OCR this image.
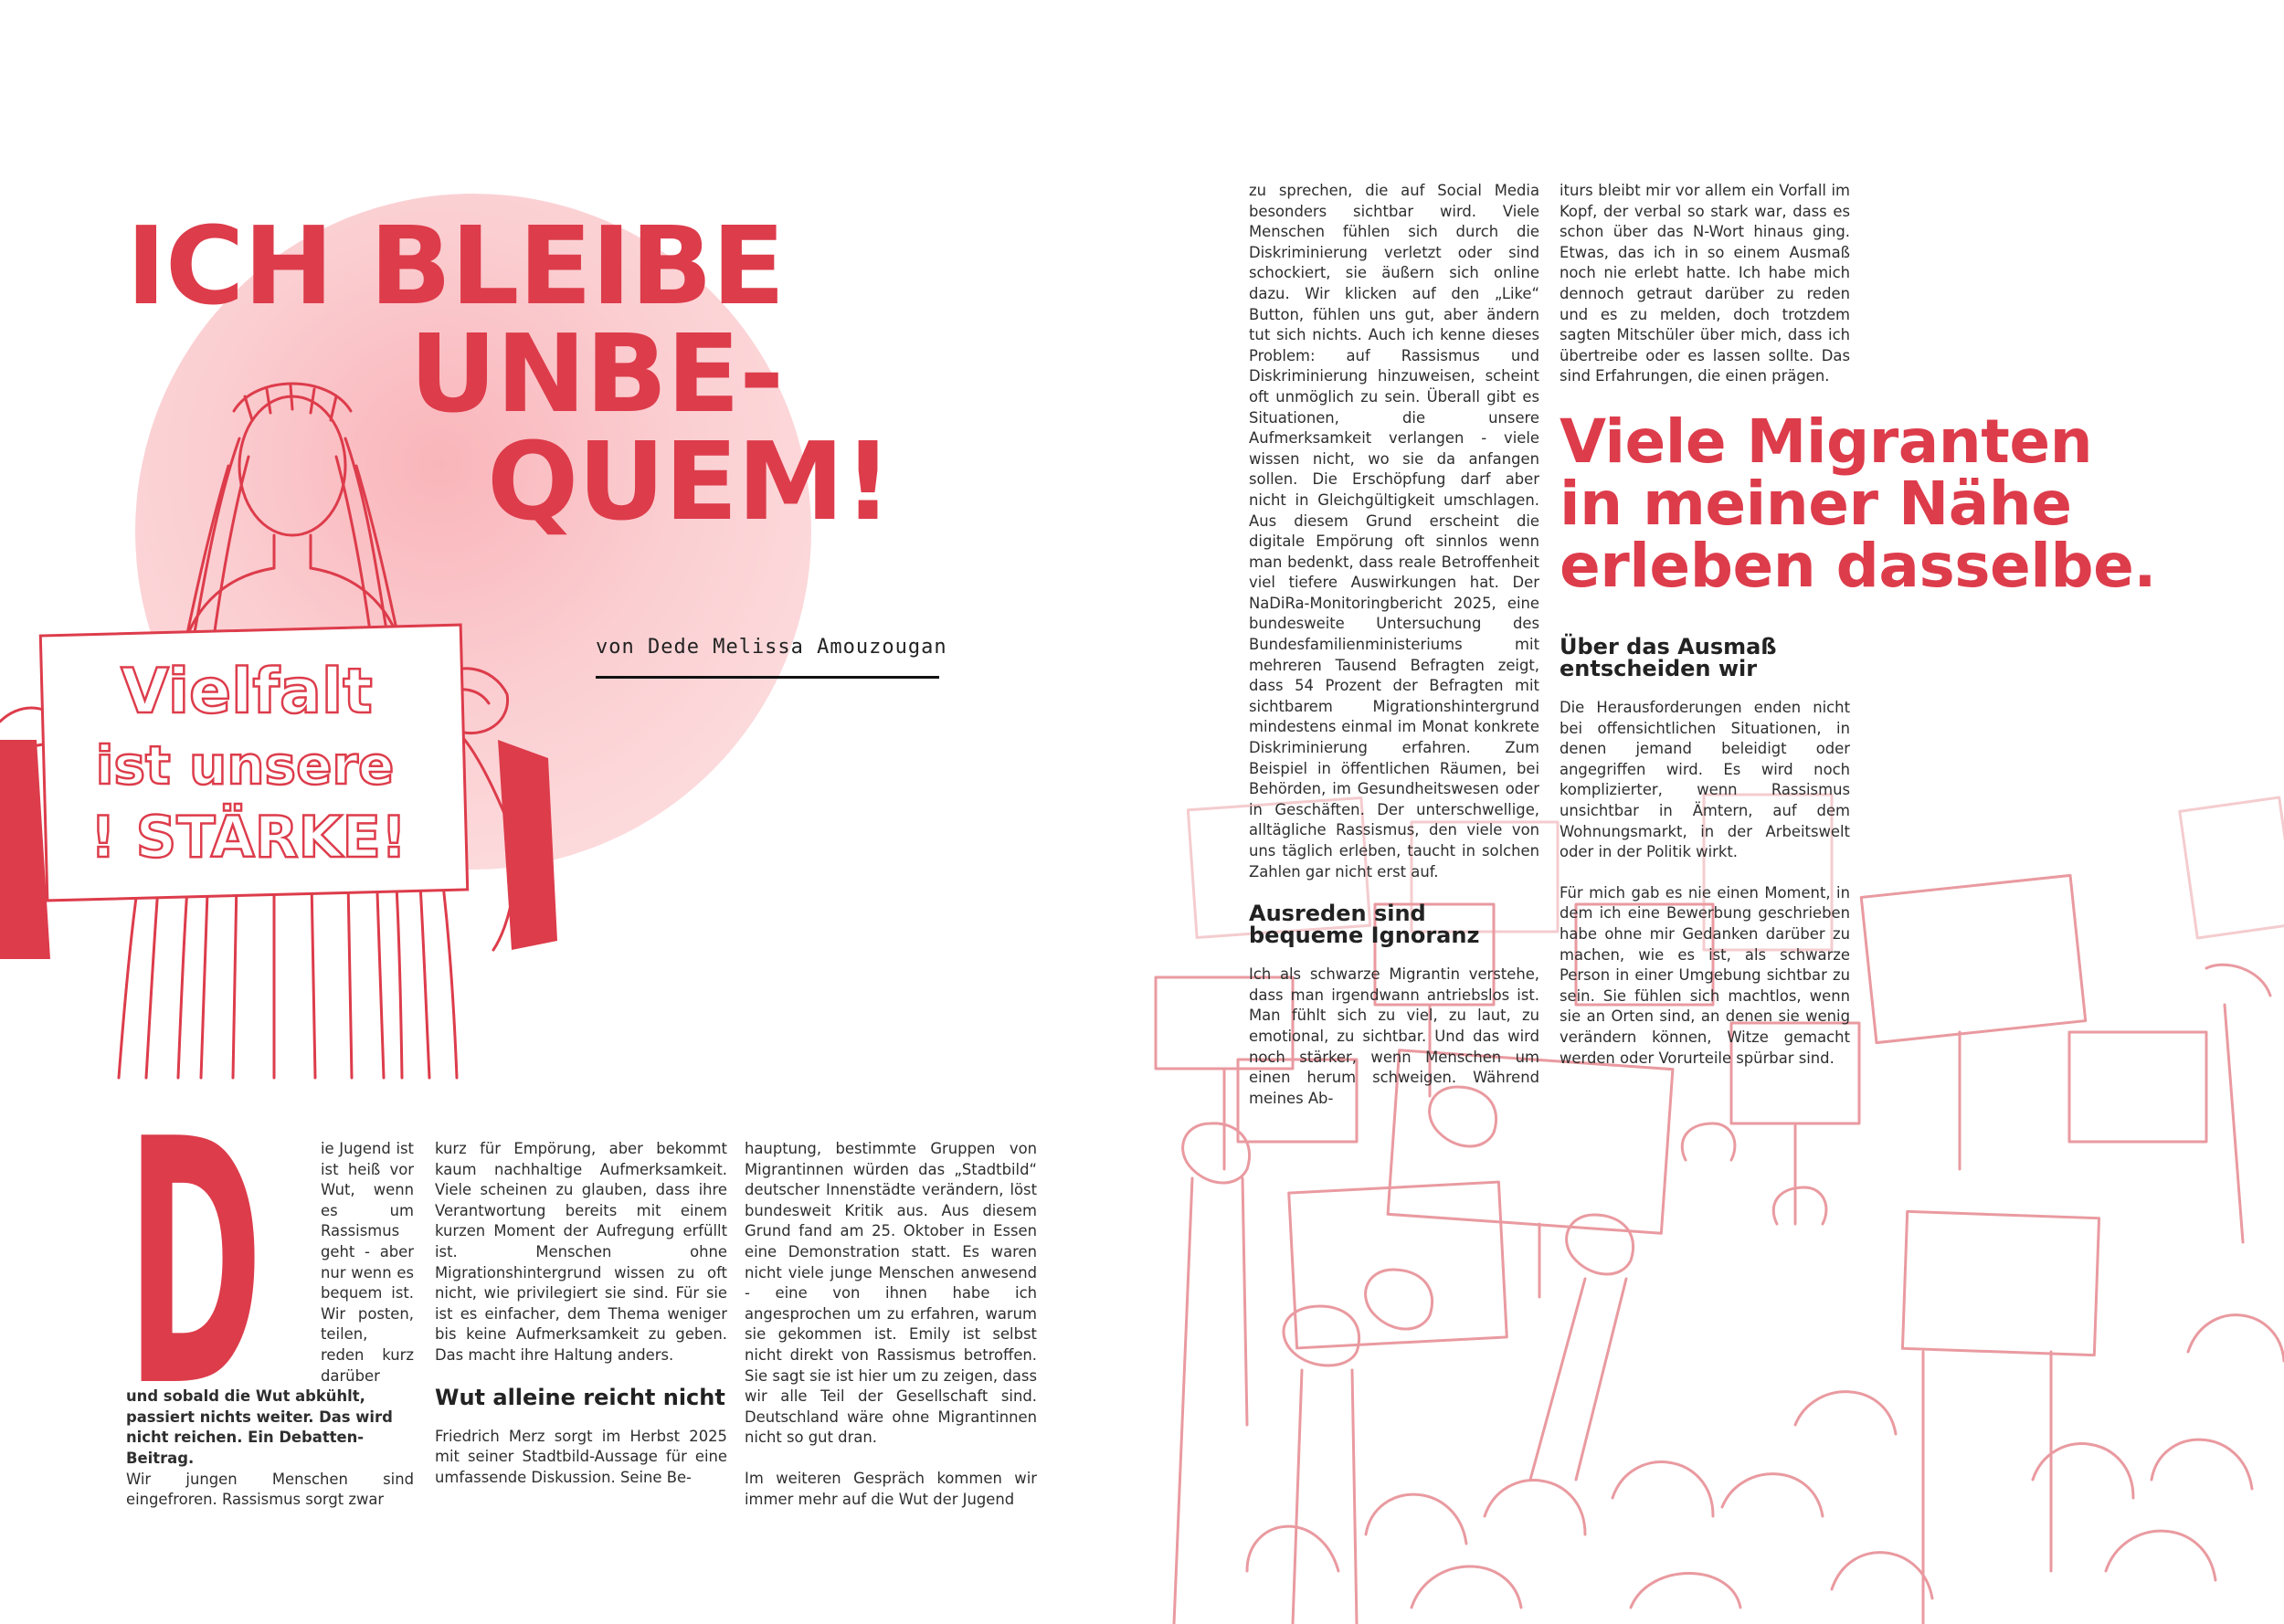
Vielfalt
ist unsere
! STÄRKE!
ICH BLEIBE
UNBE-
QUEM!
von Dede Melissa Amouzougan
D	ie Jugend ist ist heiß vor Wut, wenn es um Rassismus geht - aber nur wenn es bequem ist. Wir posten, teilen, reden kurz darüber

und sobald die Wut abkühlt, passiert nichts weiter. Das wird nicht reichen. Ein Debatten-Beitrag.

Wir jungen Menschen sind eingefroren. Rassismus sorgt zwar

kurz für Empörung, aber bekommt kaum nachhaltige Aufmerksamkeit. Viele scheinen zu glauben, dass ihre Verantwortung bereits mit einem kurzen Moment der Aufregung erfüllt ist. Menschen ohne Migrationshintergrund wissen zu oft nicht, wie privilegiert sie sind. Für sie ist es einfacher, dem Thema weniger bis keine Aufmerksamkeit zu geben. Das macht ihre Haltung anders.

Wut alleine reicht nicht

Friedrich Merz sorgt im Herbst 2025 mit seiner Stadtbild-Aussage für eine umfassende Diskussion. Seine Be-

hauptung, bestimmte Gruppen von Migrantinnen würden das „Stadtbild“ deutscher Innenstädte verändern, löst bundesweit Kritik aus. Aus diesem Grund fand am 25. Oktober in Essen eine Demonstration statt. Es waren nicht viele junge Menschen anwesend - eine von ihnen habe ich angesprochen um zu erfahren, warum sie gekommen ist. Emily ist selbst nicht direkt von Rassismus betroffen. Sie sagt sie ist hier um zu zeigen, dass wir alle Teil der Gesellschaft sind. Deutschland wäre ohne Migrantinnen nicht so gut dran.

Im weiteren Gespräch kommen wir immer mehr auf die Wut der Jugend

zu sprechen, die auf Social Media besonders sichtbar wird. Viele Menschen fühlen sich durch die Diskriminierung verletzt oder sind schockiert, sie äußern sich online dazu. Wir klicken auf den „Like“ Button, fühlen uns gut, aber ändern tut sich nichts. Auch ich kenne dieses Problem: auf Rassismus und Diskriminierung hinzuweisen, scheint oft unmöglich zu sein. Überall gibt es Situationen, die unsere Aufmerksamkeit verlangen - viele wissen nicht, wo sie da anfangen sollen. Die Erschöpfung darf aber nicht in Gleichgültigkeit umschlagen. Aus diesem Grund erscheint die digitale Empörung oft sinnlos wenn man bedenkt, dass reale Betroffenheit viel tiefere Auswirkungen hat. Der NaDiRa-Monitoringbericht 2025, eine bundesweite Untersuchung des Bundesfamilienministeriums mit mehreren Tausend Befragten zeigt, dass 54 Prozent der Befragten mit sichtbarem Migrationshintergrund mindestens einmal im Monat konkrete Diskriminierung erfahren. Zum Beispiel in öffentlichen Räumen, bei Behörden, im Gesundheitswesen oder in Geschäften. Der unterschwellige, alltägliche Rassismus, den viele von uns täglich erleben, taucht in solchen Zahlen gar nicht erst auf.

Ausreden sind bequeme Ignoranz

Ich als schwarze Migrantin verstehe, dass man irgendwann antriebslos ist. Man fühlt sich zu viel, zu laut, zu emotional, zu sichtbar. Und das wird noch stärker, wenn Menschen um einen herum schweigen. Während meines Ab-

iturs bleibt mir vor allem ein Vorfall im Kopf, der verbal so stark war, dass es schon über das N-Wort hinaus ging. Etwas, das ich in so einem Ausmaß noch nie erlebt hatte. Ich habe mich dennoch getraut darüber zu reden und es zu melden, doch trotzdem sagten Mitschüler über mich, dass ich übertreibe oder es lassen sollte. Das sind Erfahrungen, die einen prägen.

Viele Migranten
in meiner Nähe
erleben dasselbe.
Über das Ausmaß entscheiden wir

Die Herausforderungen enden nicht bei offensichtlichen Situationen, in denen jemand beleidigt oder angegriffen wird. Es wird noch komplizierter, wenn Rassismus unsichtbar in Ämtern, auf dem Wohnungsmarkt, in der Arbeitswelt oder in der Politik wirkt.

Für mich gab es nie einen Moment, in dem ich eine Bewerbung geschrieben habe ohne mir Gedanken darüber zu machen, wie es ist, als schwarze Person in einer Umgebung sichtbar zu sein. Sie fühlen sich machtlos, wenn sie an Orten sind, an denen sie wenig verändern können, Witze gemacht werden oder Vorurteile spürbar sind.
